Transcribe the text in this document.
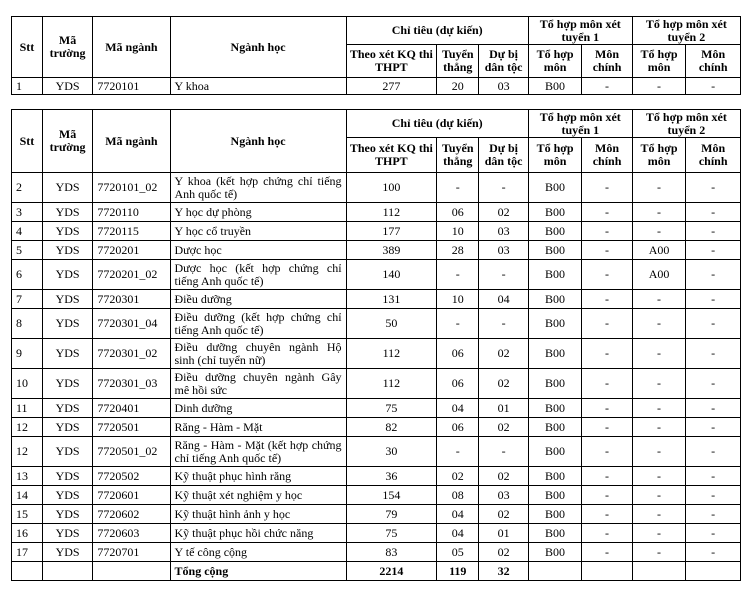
Stt	Mã trường	Mã ngành	Ngành học	Chỉ tiêu (dự kiến)			Tổ hợp môn xét tuyển 1		Tổ hợp môn xét tuyển 2	
				Theo xét KQ thi THPT	Tuyển thẳng	Dự bị dân tộc	Tổ hợp môn	Môn chính	Tổ hợp môn	Môn chính
1	YDS	7720101	Y khoa	277	20	03	B00	-	-	-
Stt	Mã trường	Mã ngành	Ngành học	Chỉ tiêu (dự kiến)			Tổ hợp môn xét tuyển 1		Tổ hợp môn xét tuyển 2	
				Theo xét KQ thi THPT	Tuyển thẳng	Dự bị dân tộc	Tổ hợp môn	Môn chính	Tổ hợp môn	Môn chính
2	YDS	7720101_02	Y khoa (kết hợp chứng chỉ tiếng Anh quốc tế)	100	-	-	B00	-	-	-
3	YDS	7720110	Y học dự phòng	112	06	02	B00	-	-	-
4	YDS	7720115	Y học cổ truyền	177	10	03	B00	-	-	-
5	YDS	7720201	Dược học	389	28	03	B00	-	A00	-
6	YDS	7720201_02	Dược học (kết hợp chứng chỉ tiếng Anh quốc tế)	140	-	-	B00	-	A00	-
7	YDS	7720301	Điều dưỡng	131	10	04	B00	-	-	-
8	YDS	7720301_04	Điều dưỡng (kết hợp chứng chỉ tiếng Anh quốc tế)	50	-	-	B00	-	-	-
9	YDS	7720301_02	Điều dưỡng chuyên ngành Hộ sinh (chỉ tuyển nữ)	112	06	02	B00	-	-	-
10	YDS	7720301_03	Điều dưỡng chuyên ngành Gây mê hồi sức	112	06	02	B00	-	-	-
11	YDS	7720401	Dinh dưỡng	75	04	01	B00	-	-	-
12	YDS	7720501	Răng - Hàm - Mặt	82	06	02	B00	-	-	-
12	YDS	7720501_02	Răng - Hàm - Mặt (kết hợp chứng chỉ tiếng Anh quốc tế)	30	-	-	B00	-	-	-
13	YDS	7720502	Kỹ thuật phục hình răng	36	02	02	B00	-	-	-
14	YDS	7720601	Kỹ thuật xét nghiệm y học	154	08	03	B00	-	-	-
15	YDS	7720602	Kỹ thuật hình ảnh y học	79	04	02	B00	-	-	-
16	YDS	7720603	Kỹ thuật phục hồi chức năng	75	04	01	B00	-	-	-
17	YDS	7720701	Y tế công cộng	83	05	02	B00	-	-	-
			Tổng cộng	2214	119	32				
